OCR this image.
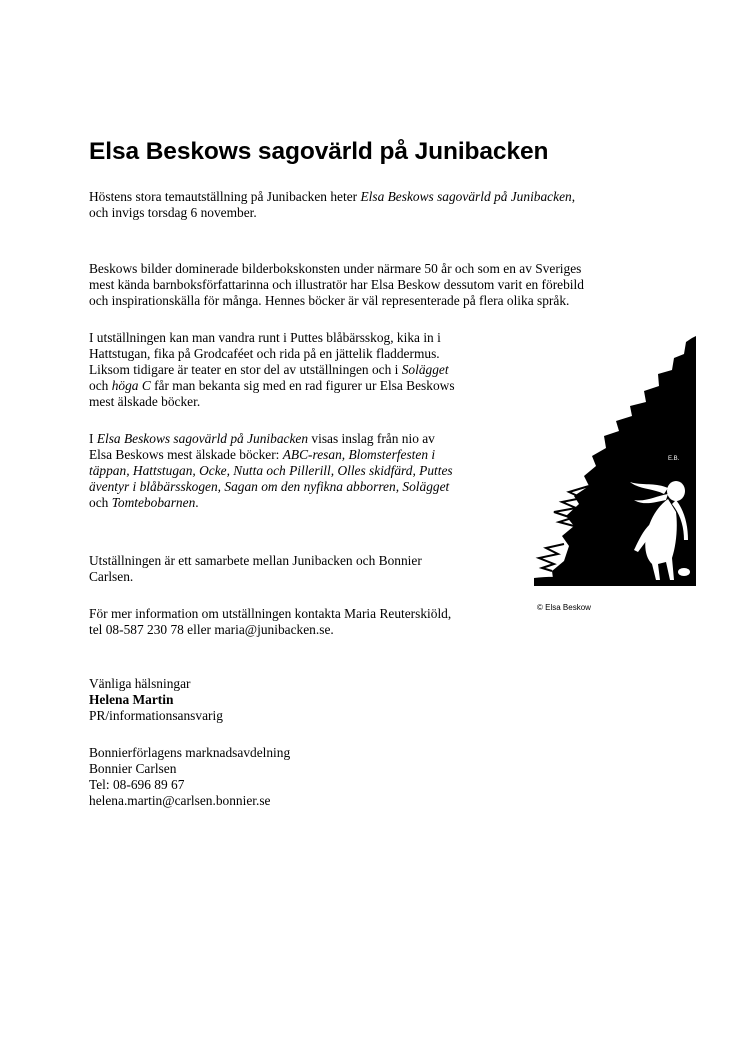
Elsa Beskows sagovärld på Junibacken
Höstens stora temautställning på Junibacken heter Elsa Beskows sagovärld på Junibacken,
och invigs torsdag 6 november.
Beskows bilder dominerade bilderbokskonsten under närmare 50 år och som en av Sveriges
mest kända barnboksförfattarinna och illustratör har Elsa Beskow dessutom varit en förebild
och inspirationskälla för många. Hennes böcker är väl representerade på flera olika språk.
I utställningen kan man vandra runt i Puttes blåbärsskog, kika in i
Hattstugan, fika på Grodcaféet och rida på en jättelik fladdermus.
Liksom tidigare är teater en stor del av utställningen och i Solägget
och höga C får man bekanta sig med en rad figurer ur Elsa Beskows
mest älskade böcker.
I Elsa Beskows sagovärld på Junibacken visas inslag från nio av
Elsa Beskows mest älskade böcker: ABC-resan, Blomsterfesten i
täppan, Hattstugan, Ocke, Nutta och Pillerill, Olles skidfärd, Puttes
äventyr i blåbärsskogen, Sagan om den nyfikna abborren, Solägget
och Tomtebobarnen.
Utställningen är ett samarbete mellan Junibacken och Bonnier
Carlsen.
För mer information om utställningen kontakta Maria Reuterskiöld,
tel 08-587 230 78 eller maria@junibacken.se.
Vänliga hälsningar
Helena Martin
PR/informationsansvarig
Bonnierförlagens marknadsavdelning
Bonnier Carlsen
Tel: 08-696 89 67
helena.martin@carlsen.bonnier.se
E.B.
© Elsa Beskow
